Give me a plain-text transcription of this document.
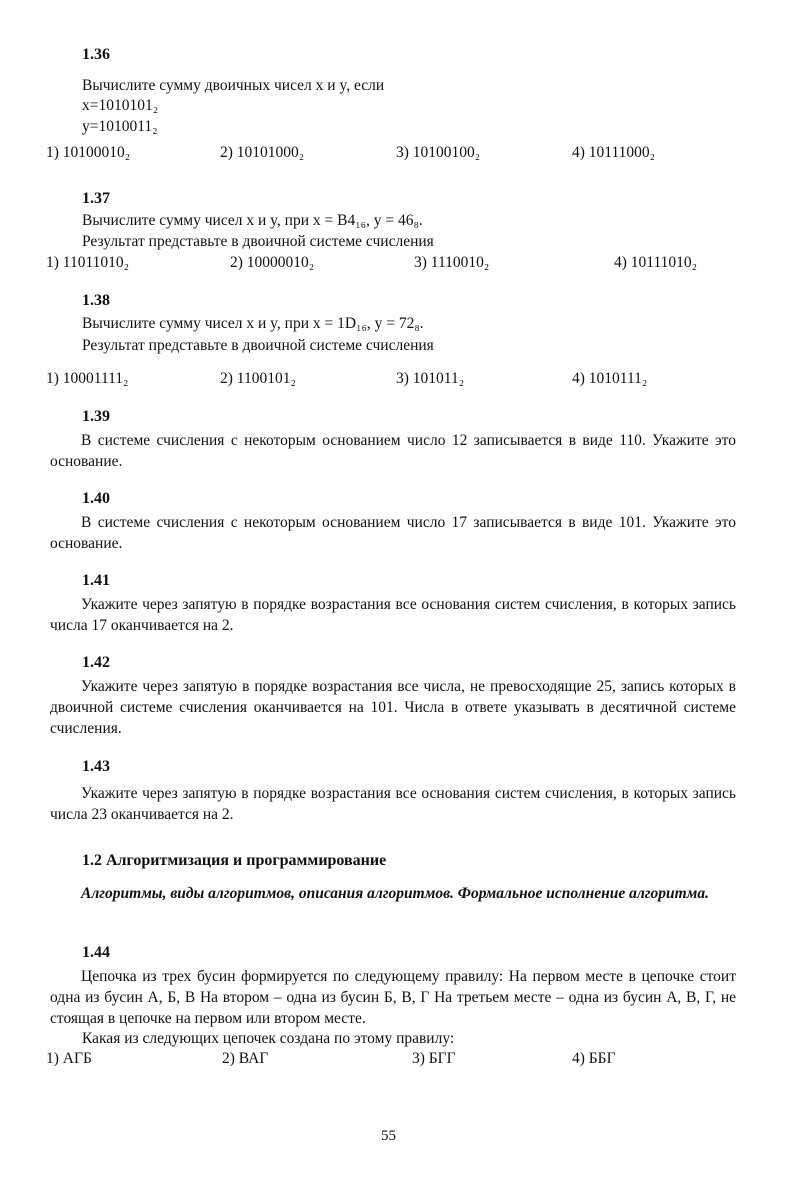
1.36
Вычислите сумму двоичных чисел x и y, если
x=1010101₂
y=1010011₂
1) 10100010₂	2) 10101000₂	3) 10100100₂	4) 10111000₂
1.37
Вычислите сумму чисел x и y, при x = B4₁₆, y = 46₈.
Результат представьте в двоичной системе счисления
1) 11011010₂	2) 10000010₂	3) 1110010₂	4) 10111010₂
1.38
Вычислите сумму чисел x и y, при x = 1D₁₆, y = 72₈.
Результат представьте в двоичной системе счисления
1) 10001111₂	2) 1100101₂	3) 101011₂	4) 1010111₂
1.39
В системе счисления с некоторым основанием число 12 записывается в виде 110. Укажите это основание.
1.40
В системе счисления с некоторым основанием число 17 записывается в виде 101. Укажите это основание.
1.41
Укажите через запятую в порядке возрастания все основания систем счисления, в которых запись числа 17 оканчивается на 2.
1.42
Укажите через запятую в порядке возрастания все числа, не превосходящие 25, запись которых в двоичной системе счисления оканчивается на 101. Числа в ответе указывать в десятичной системе счисления.
1.43
Укажите через запятую в порядке возрастания все основания систем счисления, в которых запись числа 23 оканчивается на 2.
1.2 Алгоритмизация и программирование
Алгоритмы, виды алгоритмов, описания алгоритмов. Формальное исполнение алгоритма.
1.44
Цепочка из трех бусин формируется по следующему правилу: На первом месте в цепочке стоит одна из бусин А, Б, В На втором – одна из бусин Б, В, Г На третьем месте – одна из бусин А, В, Г, не стоящая в цепочке на первом или втором месте.
Какая из следующих цепочек создана по этому правилу:
1) АГБ	2) ВАГ	3) БГГ	4) ББГ
55
